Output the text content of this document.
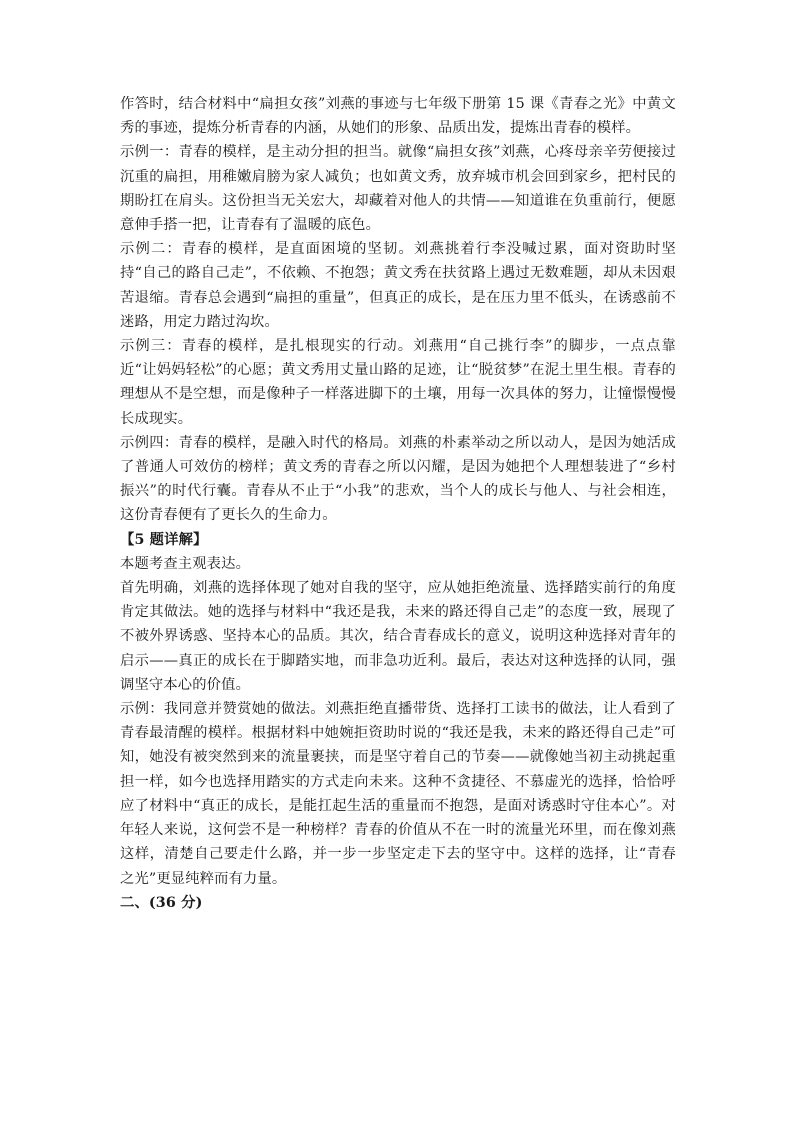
作答时，结合材料中“扁担女孩”刘燕的事迹与七年级下册第 15 课《青春之光》中黄文秀的事迹，提炼分析青春的内涵，从她们的形象、品质出发，提炼出青春的模样。

示例一：青春的模样，是主动分担的担当。就像“扁担女孩”刘燕，心疼母亲辛劳便接过沉重的扁担，用稚嫩肩膀为家人减负；也如黄文秀，放弃城市机会回到家乡，把村民的期盼扛在肩头。这份担当无关宏大，却藏着对他人的共情——知道谁在负重前行，便愿意伸手搭一把，让青春有了温暖的底色。

示例二：青春的模样，是直面困境的坚韧。刘燕挑着行李没喊过累，面对资助时坚持“自己的路自己走”，不依赖、不抱怨；黄文秀在扶贫路上遇过无数难题，却从未因艰苦退缩。青春总会遇到“扁担的重量”，但真正的成长，是在压力里不低头，在诱惑前不迷路，用定力踏过沟坎。

示例三：青春的模样，是扎根现实的行动。刘燕用“自己挑行李”的脚步，一点点靠近“让妈妈轻松”的心愿；黄文秀用丈量山路的足迹，让“脱贫梦”在泥土里生根。青春的理想从不是空想，而是像种子一样落进脚下的土壤，用每一次具体的努力，让憧憬慢慢长成现实。

示例四：青春的模样，是融入时代的格局。刘燕的朴素举动之所以动人，是因为她活成了普通人可效仿的榜样；黄文秀的青春之所以闪耀，是因为她把个人理想装进了“乡村振兴”的时代行囊。青春从不止于“小我”的悲欢，当个人的成长与他人、与社会相连，这份青春便有了更长久的生命力。

【5 题详解】

本题考查主观表达。

首先明确，刘燕的选择体现了她对自我的坚守，应从她拒绝流量、选择踏实前行的角度肯定其做法。她的选择与材料中“我还是我，未来的路还得自己走”的态度一致，展现了不被外界诱惑、坚持本心的品质。其次，结合青春成长的意义，说明这种选择对青年的启示——真正的成长在于脚踏实地，而非急功近利。最后，表达对这种选择的认同，强调坚守本心的价值。

示例：我同意并赞赏她的做法。刘燕拒绝直播带货、选择打工读书的做法，让人看到了青春最清醒的模样。根据材料中她婉拒资助时说的“我还是我，未来的路还得自己走”可知，她没有被突然到来的流量裹挟，而是坚守着自己的节奏——就像她当初主动挑起重担一样，如今也选择用踏实的方式走向未来。这种不贪捷径、不慕虚光的选择，恰恰呼应了材料中“真正的成长，是能扛起生活的重量而不抱怨，是面对诱惑时守住本心”。对年轻人来说，这何尝不是一种榜样？青春的价值从不在一时的流量光环里，而在像刘燕这样，清楚自己要走什么路，并一步一步坚定走下去的坚守中。这样的选择，让“青春之光”更显纯粹而有力量。

二、(36 分)
